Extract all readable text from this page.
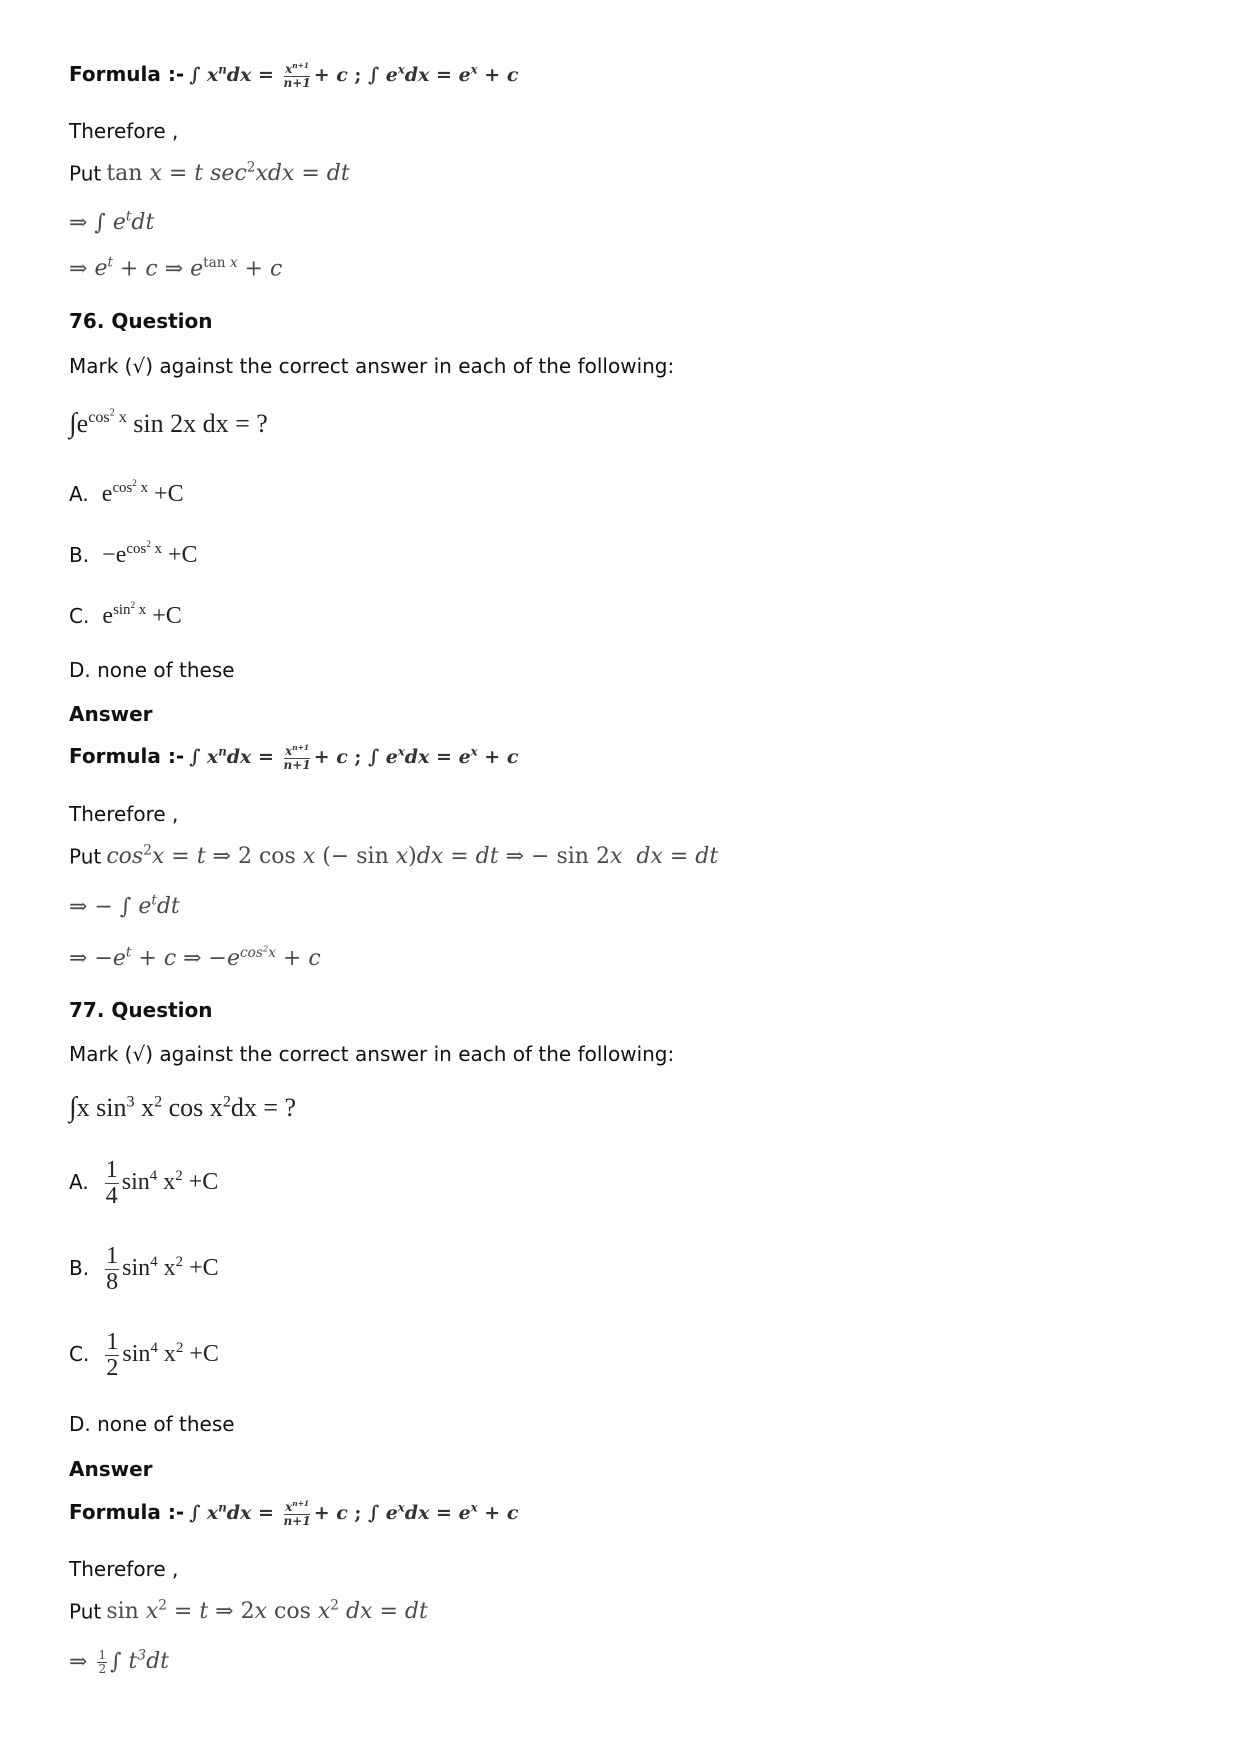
Formula :- ∫ $x^ndx = \frac{x^{n+1}}{n+1} + c$ ; ∫ $e^xdx = e^x + c$
Therefore ,
Put tan x = t $\sec^2xdx$ = dt
⇒ ∫ $e^tdt$
⇒ $e^t + c$ ⇒ $e^{tan x} + c$
76. Question
Mark (√) against the correct answer in each of the following:
$\int e^{cos^2 x}$ sin 2x dx = ?
A. $e^{cos^2 x} +C$
B. $-e^{cos^2 x} +C$
C. $e^{sin^2 x} +C$
D. none of these
Answer
Formula :- ∫ $x^ndx = \frac{x^{n+1}}{n+1} + c$ ; ∫ $e^xdx = e^x + c$
Therefore ,
Put $\cos^2x = t$ ⇒ 2 cos x (− sin x)dx = dt ⇒ − sin 2x dx = dt
⇒ − ∫ $e^tdt$
⇒ $-e^t + c$ ⇒ $-e^{cos^2x} + c$
77. Question
Mark (√) against the correct answer in each of the following:
∫x $\sin^3 x^2$ $\cos x^2dx$ = ?
A. $\frac{1}{4} \sin^4 x^2 +C$
B. $\frac{1}{8} \sin^4 x^2 +C$
C. $\frac{1}{2} \sin^4 x^2 +C$
D. none of these
Answer
Formula :- ∫ $x^ndx = \frac{x^{n+1}}{n+1} + c$ ; ∫ $e^xdx = e^x + c$
Therefore ,
Put $\sin x^2 = t$ ⇒ 2x $\cos x^2$ dx = dt
⇒ $\frac{1}{2}$ ∫ $t^3dt$
